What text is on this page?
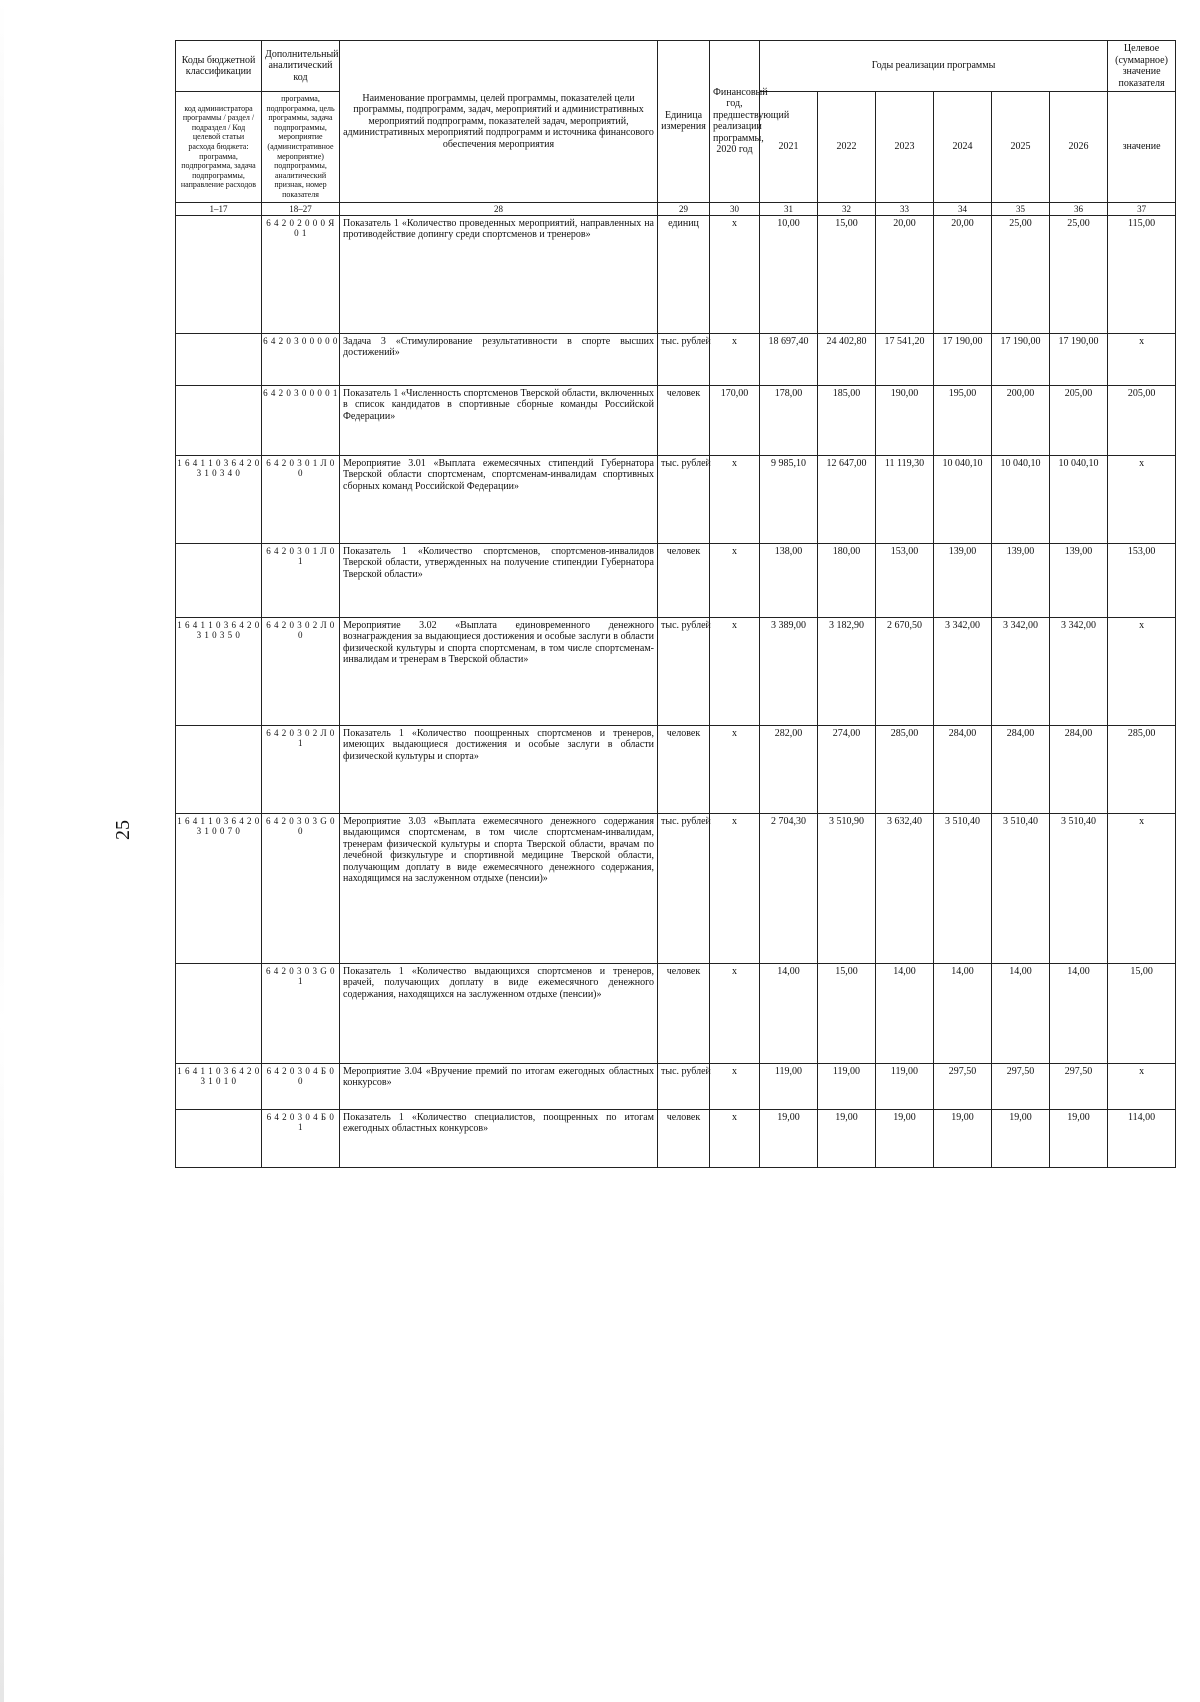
25
Коды бюджетной классификации	Дополнительный аналитический код	Наименование программы, целей программы, показателей цели программы, подпрограмм, задач, мероприятий и административных мероприятий подпрограмм, показателей задач, мероприятий, административных мероприятий подпрограмм и источника финансового обеспечения мероприятия	Единица измерения	Финансовый год, предшествующий реализации программы, 2020 год	Годы реализации программы						Целевое (суммарное) значение показателя

код администратора программы / раздел / подраздел / Код целевой статьи расхода бюджета: программа, подпрограмма, задача подпрограммы, направление расходов	программа, подпрограмма, цель программы, задача подпрограммы, мероприятие (административное мероприятие) подпрограммы, аналитический признак, номер показателя				2021	2022	2023	2024	2025	2026	значение
1–17	18–27	28	29	30	31	32	33	34	35	36	37
	6 4 2 0 2 0 0 0 Я 0 1	Показатель 1 «Количество проведенных мероприятий, направленных на противодействие допингу среди спортсменов и тренеров»	единиц	x	10,00	15,00	20,00	20,00	25,00	25,00	115,00
	6 4 2 0 3 0 0 0 0 0	Задача 3 «Стимулирование результативности в спорте высших достижений»	тыс. рублей	x	18 697,40	24 402,80	17 541,20	17 190,00	17 190,00	17 190,00	x
	6 4 2 0 3 0 0 0 0 1	Показатель 1 «Численность спортсменов Тверской области, включенных в список кандидатов в спортивные сборные команды Российской Федерации»	человек	170,00	178,00	185,00	190,00	195,00	200,00	205,00	205,00
1 6 4 1 1 0 3 6 4 2 0 3 1 0 3 4 0	6 4 2 0 3 0 1 Л 0 0	Мероприятие 3.01 «Выплата ежемесячных стипендий Губернатора Тверской области спортсменам, спортсменам-инвалидам спортивных сборных команд Российской Федерации»	тыс. рублей	x	9 985,10	12 647,00	11 119,30	10 040,10	10 040,10	10 040,10	x
	6 4 2 0 3 0 1 Л 0 1	Показатель 1 «Количество спортсменов, спортсменов-инвалидов Тверской области, утвержденных на получение стипендии Губернатора Тверской области»	человек	x	138,00	180,00	153,00	139,00	139,00	139,00	153,00
1 6 4 1 1 0 3 6 4 2 0 3 1 0 3 5 0	6 4 2 0 3 0 2 Л 0 0	Мероприятие 3.02 «Выплата единовременного денежного вознаграждения за выдающиеся достижения и особые заслуги в области физической культуры и спорта спортсменам, в том числе спортсменам-инвалидам и тренерам в Тверской области»	тыс. рублей	x	3 389,00	3 182,90	2 670,50	3 342,00	3 342,00	3 342,00	x
	6 4 2 0 3 0 2 Л 0 1	Показатель 1 «Количество поощренных спортсменов и тренеров, имеющих выдающиеся достижения и особые заслуги в области физической культуры и спорта»	человек	x	282,00	274,00	285,00	284,00	284,00	284,00	285,00
1 6 4 1 1 0 3 6 4 2 0 3 1 0 0 7 0	6 4 2 0 3 0 3 G 0 0	Мероприятие 3.03 «Выплата ежемесячного денежного содержания выдающимся спортсменам, в том числе спортсменам-инвалидам, тренерам физической культуры и спорта Тверской области, врачам по лечебной физкультуре и спортивной медицине Тверской области, получающим доплату в виде ежемесячного денежного содержания, находящимся на заслуженном отдыхе (пенсии)»	тыс. рублей	x	2 704,30	3 510,90	3 632,40	3 510,40	3 510,40	3 510,40	x
	6 4 2 0 3 0 3 G 0 1	Показатель 1 «Количество выдающихся спортсменов и тренеров, врачей, получающих доплату в виде ежемесячного денежного содержания, находящихся на заслуженном отдыхе (пенсии)»	человек	x	14,00	15,00	14,00	14,00	14,00	14,00	15,00
1 6 4 1 1 0 3 6 4 2 0 3 1 0 1 0	6 4 2 0 3 0 4 Б 0 0	Мероприятие 3.04 «Вручение премий по итогам ежегодных областных конкурсов»	тыс. рублей	x	119,00	119,00	119,00	297,50	297,50	297,50	x
	6 4 2 0 3 0 4 Б 0 1	Показатель 1 «Количество специалистов, поощренных по итогам ежегодных областных конкурсов»	человек	x	19,00	19,00	19,00	19,00	19,00	19,00	114,00
